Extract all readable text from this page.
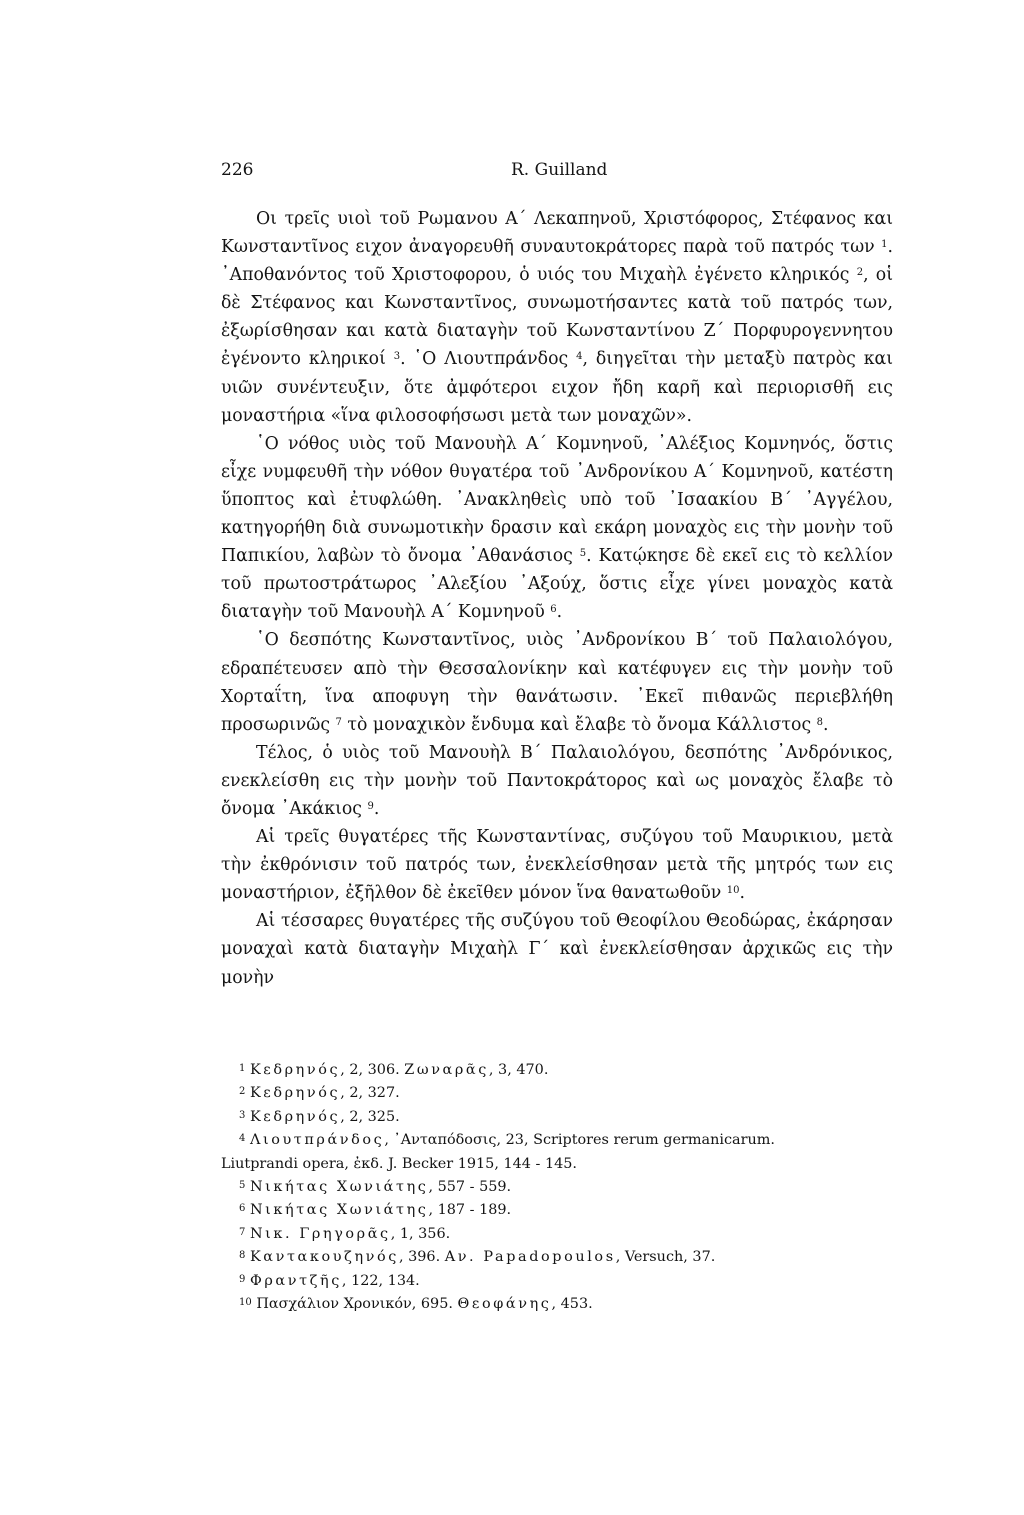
226	R. Guilland

Οι τρεῖς υιοὶ τοῦ Ρωμανου Α΄ Λεκαπηνοῦ, Χριστόφορος, Στέφανος και Κωνσταντῖνος ειχον ἀναγορευθῆ συναυτοκράτορες παρὰ τοῦ πατρός των $^1$. ᾿Αποθανόντος τοῦ Χριστοφορου, ὁ υιός του Μιχαὴλ ἐγένετο κληρικός $^2$, οἱ δὲ Στέφανος και Κωνσταντῖνος, συνωμοτήσαντες κατὰ τοῦ πατρός των, ἐξωρίσθησαν και κατὰ διαταγὴν τοῦ Κωνσταντίνου Ζ΄ Πορφυρογεννητου ἐγένοντο κληρικοί $^3$. ῾Ο Λιουτπράνδος $^4$, διηγεῖται τὴν μεταξὺ πατρὸς και υιῶν συνέντευξιν, ὅτε ἀμφότεροι ειχον ἤδη καρῆ καὶ περιορισθῆ εις μοναστήρια «ἵνα φιλοσοφήσωσι μετὰ των μοναχῶν».

῾Ο νόθος υιὸς τοῦ Μανουὴλ Α΄ Κομνηνοῦ, ᾿Αλέξιος Κομνηνός, ὅστις εἶχε νυμφευθῆ τὴν νόθον θυγατέρα τοῦ ᾿Ανδρονίκου Α΄ Κομνηνοῦ, κατέστη ὕποπτος καὶ ἐτυφλώθη. ᾿Ανακληθεὶς υπὸ τοῦ ᾿Ισαακίου Β΄ ᾿Αγγέλου, κατηγορήθη διὰ συνωμοτικὴν δρασιν καὶ εκάρη μοναχὸς εις τὴν μονὴν τοῦ Παπικίου, λαβὼν τὸ ὄνομα ᾿Αθανάσιος $^5$. Κατῴκησε δὲ εκεῖ εις τὸ κελλίον τοῦ πρωτοστράτωρος ᾿Αλεξίου ᾿Αξούχ, ὅστις εἶχε γίνει μοναχὸς κατὰ διαταγὴν τοῦ Μανουὴλ Α΄ Κομνηνοῦ $^6$.

῾Ο δεσπότης Κωνσταντῖνος, υιὸς ᾿Ανδρονίκου Β΄ τοῦ Παλαιολόγου, εδραπέτευσεν απὸ τὴν Θεσσαλονίκην καὶ κατέφυγεν εις τὴν μονὴν τοῦ Χορταΐτη, ἵνα αποφυγη τὴν θανάτωσιν. ᾿Εκεῖ πιθανῶς περιεβλήθη προσωρινῶς $^7$ τὸ μοναχικὸν ἔνδυμα καὶ ἔλαβε τὸ ὄνομα Κάλλιστος $^8$.

Τέλος, ὁ υιὸς τοῦ Μανουὴλ Β΄ Παλαιολόγου, δεσπότης ᾿Ανδρόνικος, ενεκλείσθη εις τὴν μονὴν τοῦ Παντοκράτορος καὶ ως μοναχὸς ἔλαβε τὸ ὄνομα ᾿Ακάκιος $^9$.

Αἱ τρεῖς θυγατέρες τῆς Κωνσταντίνας, συζύγου τοῦ Μαυρικιου, μετὰ τὴν ἐκθρόνισιν τοῦ πατρός των, ἐνεκλείσθησαν μετὰ τῆς μητρός των εις μοναστήριον, ἐξῆλθον δὲ ἐκεῖθεν μόνον ἵνα θανατωθοῦν $^{10}$.

Αἱ τέσσαρες θυγατέρες τῆς συζύγου τοῦ Θεοφίλου Θεοδώρας, ἐκάρησαν μοναχαὶ κατὰ διαταγὴν Μιχαὴλ Γ΄ καὶ ἐνεκλείσθησαν ἀρχικῶς εις τὴν μονὴν

$^1$ Κεδρηνός, 2, 306. Ζωναρᾶς, 3, 470.

$^2$ Κεδρηνός, 2, 327.

$^3$ Κεδρηνός, 2, 325.

$^4$ Λιουτπράνδος, ᾿Ανταπόδοσις, 23, Scriptores rerum germanicarum.

Liutprandi opera, ἐκδ. J. Becker 1915, 144 - 145.

$^5$ Νικήτας Χωνιάτης, 557 - 559.

$^6$ Νικήτας Χωνιάτης, 187 - 189.

$^7$ Νικ. Γρηγορᾶς, 1, 356.

$^8$ Καντακουζηνός, 396. Αν. Papadopoulos, Versuch, 37.

$^9$ Φραντζῆς, 122, 134.

$^{10}$ Πασχάλιον Χρονικόν, 695. Θεοφάνης, 453.
